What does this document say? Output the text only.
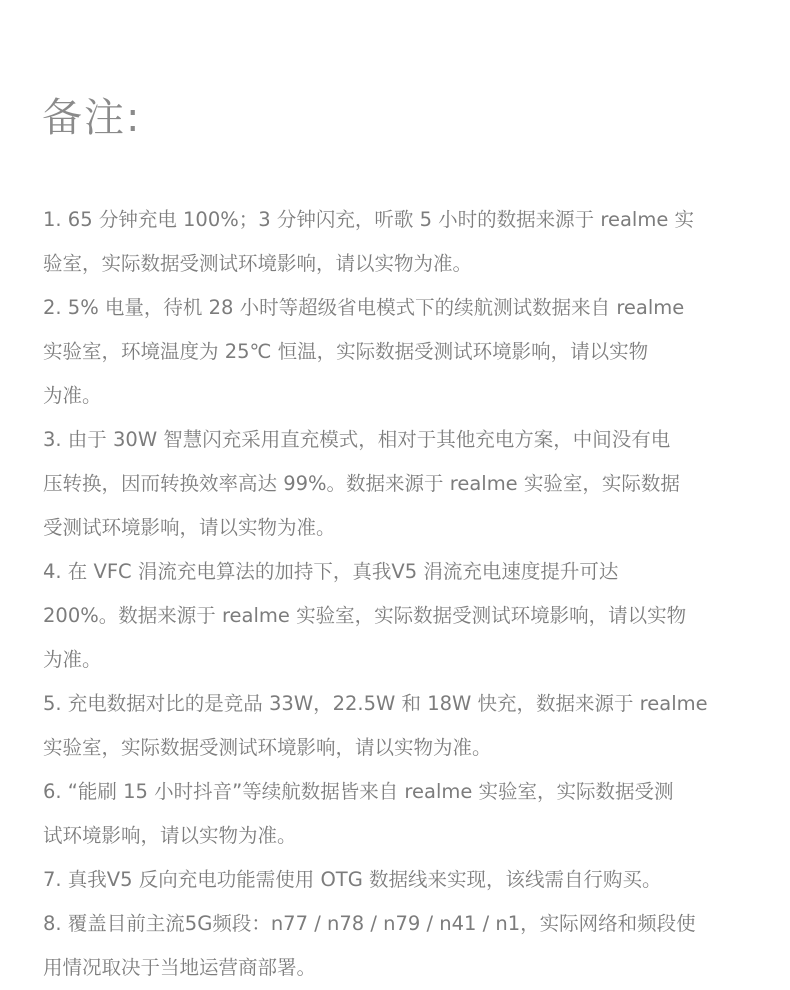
备注:
1. 65 分钟充电 100%；3 分钟闪充，听歌 5 小时的数据来源于 realme 实
验室，实际数据受测试环境影响，请以实物为准。
2. 5% 电量，待机 28 小时等超级省电模式下的续航测试数据来自 realme
实验室，环境温度为 25℃ 恒温，实际数据受测试环境影响，请以实物
为准。
3. 由于 30W 智慧闪充采用直充模式，相对于其他充电方案，中间没有电
压转换，因而转换效率高达 99%。数据来源于 realme 实验室，实际数据
受测试环境影响，请以实物为准。
4. 在 VFC 涓流充电算法的加持下，真我V5 涓流充电速度提升可达
200%。数据来源于 realme 实验室，实际数据受测试环境影响，请以实物
为准。
5. 充电数据对比的是竞品 33W，22.5W 和 18W 快充，数据来源于 realme
实验室，实际数据受测试环境影响，请以实物为准。
6. “能刷 15 小时抖音”等续航数据皆来自 realme 实验室，实际数据受测
试环境影响，请以实物为准。
7. 真我V5 反向充电功能需使用 OTG 数据线来实现，该线需自行购买。
8. 覆盖目前主流5G频段：n77 / n78 / n79 / n41 / n1，实际网络和频段使
用情况取决于当地运营商部署。
